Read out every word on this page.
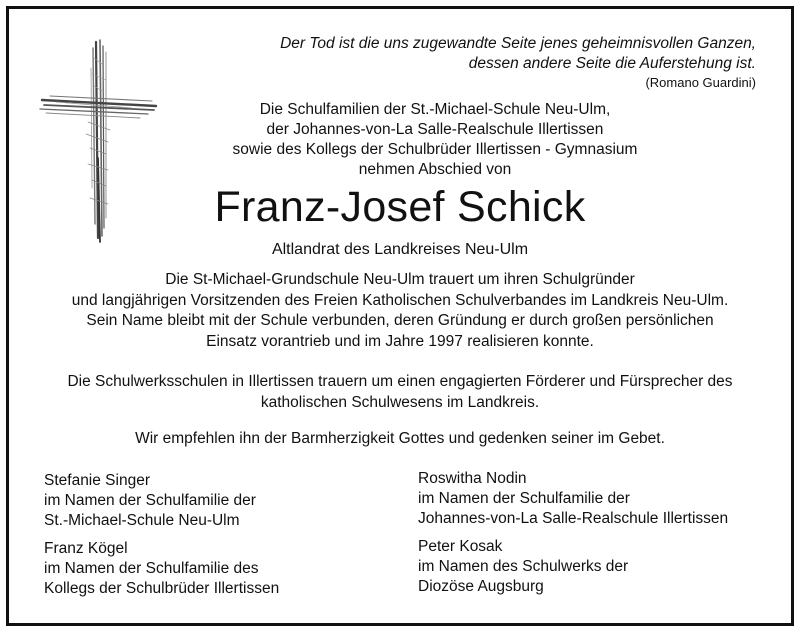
Der Tod ist die uns zugewandte Seite jenes geheimnisvollen Ganzen,
dessen andere Seite die Auferstehung ist.
(Romano Guardini)
Die Schulfamilien der St.-Michael-Schule Neu-Ulm,
der Johannes-von-La Salle-Realschule Illertissen
sowie des Kollegs der Schulbrüder Illertissen - Gymnasium
nehmen Abschied von
Franz-Josef Schick
Altlandrat des Landkreises Neu-Ulm
Die St-Michael-Grundschule Neu-Ulm trauert um ihren Schulgründer
und langjährigen Vorsitzenden des Freien Katholischen Schulverbandes im Landkreis Neu-Ulm.
Sein Name bleibt mit der Schule verbunden, deren Gründung er durch großen persönlichen
Einsatz vorantrieb und im Jahre 1997 realisieren konnte.
Die Schulwerksschulen in Illertissen trauern um einen engagierten Förderer und Fürsprecher des
katholischen Schulwesens im Landkreis.
Wir empfehlen ihn der Barmherzigkeit Gottes und gedenken seiner im Gebet.
Stefanie Singer
im Namen der Schulfamilie der
St.-Michael-Schule Neu-Ulm
Roswitha Nodin
im Namen der Schulfamilie der
Johannes-von-La Salle-Realschule Illertissen
Franz Kögel
im Namen der Schulfamilie des
Kollegs der Schulbrüder Illertissen
Peter Kosak
im Namen des Schulwerks der
Diozöse Augsburg
